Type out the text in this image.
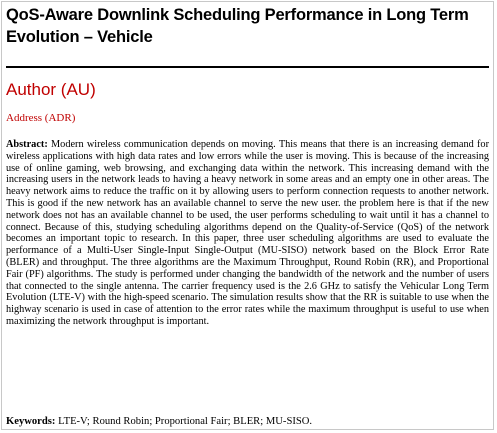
QoS-Aware Downlink Scheduling Performance in Long Term Evolution – Vehicle
Author (AU)
Address (ADR)

Abstract: Modern wireless communication depends on moving. This means that there is an increasing demand for wireless applications with high data rates and low errors while the user is moving. This is because of the increasing use of online gaming, web browsing, and exchanging data within the network. This increasing demand with the increasing users in the network leads to having a heavy network in some areas and an empty one in other areas. The heavy network aims to reduce the traffic on it by allowing users to perform connection requests to another network. This is good if the new network has an available channel to serve the new user. the problem here is that if the new network does not has an available channel to be used, the user performs scheduling to wait until it has a channel to connect. Because of this, studying scheduling algorithms depend on the Quality-of-Service (QoS) of the network becomes an important topic to research. In this paper, three user scheduling algorithms are used to evaluate the performance of a Multi-User Single-Input Single-Output (MU-SISO) network based on the Block Error Rate (BLER) and throughput. The three algorithms are the Maximum Throughput, Round Robin (RR), and Proportional Fair (PF) algorithms. The study is performed under changing the bandwidth of the network and the number of users that connected to the single antenna. The carrier frequency used is the 2.6 GHz to satisfy the Vehicular Long Term Evolution (LTE-V) with the high-speed scenario. The simulation results show that the RR is suitable to use when the highway scenario is used in case of attention to the error rates while the maximum throughput is useful to use when maximizing the network throughput is important.

Keywords: LTE-V; Round Robin; Proportional Fair; BLER; MU-SISO.
